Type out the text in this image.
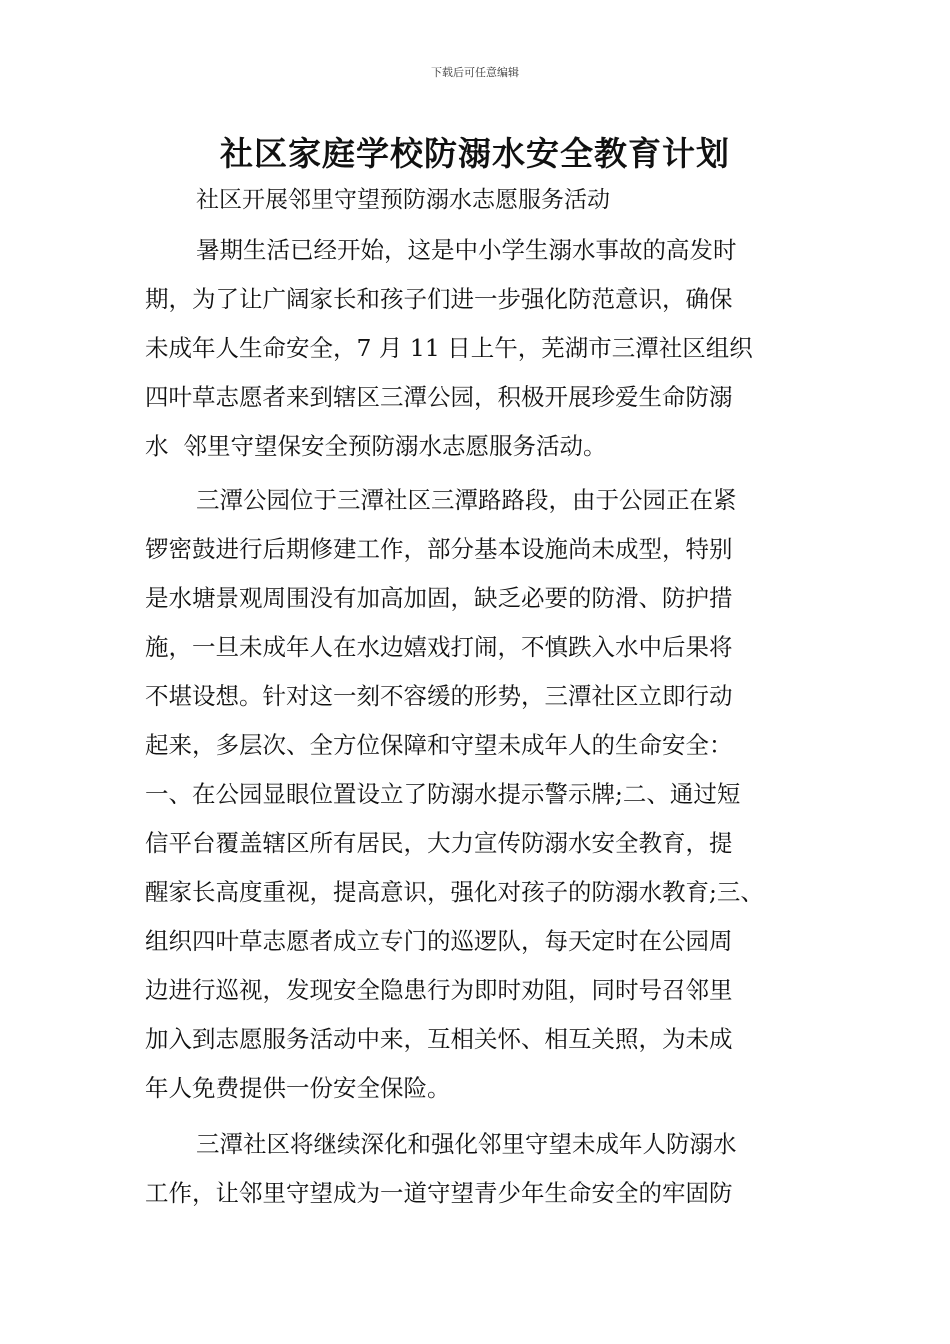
下载后可任意编辑
社区家庭学校防溺水安全教育计划
社区开展邻里守望预防溺水志愿服务活动
暑期生活已经开始，这是中小学生溺水事故的高发时
期，为了让广阔家长和孩子们进一步强化防范意识，确保
未成年人生命安全，7 月 11 日上午，芜湖市三潭社区组织
四叶草志愿者来到辖区三潭公园，积极开展珍爱生命防溺
水  邻里守望保安全预防溺水志愿服务活动。
三潭公园位于三潭社区三潭路路段，由于公园正在紧
锣密鼓进行后期修建工作，部分基本设施尚未成型，特别
是水塘景观周围没有加高加固，缺乏必要的防滑、防护措
施，一旦未成年人在水边嬉戏打闹，不慎跌入水中后果将
不堪设想。针对这一刻不容缓的形势，三潭社区立即行动
起来，多层次、全方位保障和守望未成年人的生命安全：
一、在公园显眼位置设立了防溺水提示警示牌;二、通过短
信平台覆盖辖区所有居民，大力宣传防溺水安全教育，提
醒家长高度重视，提高意识，强化对孩子的防溺水教育;三、
组织四叶草志愿者成立专门的巡逻队，每天定时在公园周
边进行巡视，发现安全隐患行为即时劝阻，同时号召邻里
加入到志愿服务活动中来，互相关怀、相互关照，为未成
年人免费提供一份安全保险。
三潭社区将继续深化和强化邻里守望未成年人防溺水
工作，让邻里守望成为一道守望青少年生命安全的牢固防
